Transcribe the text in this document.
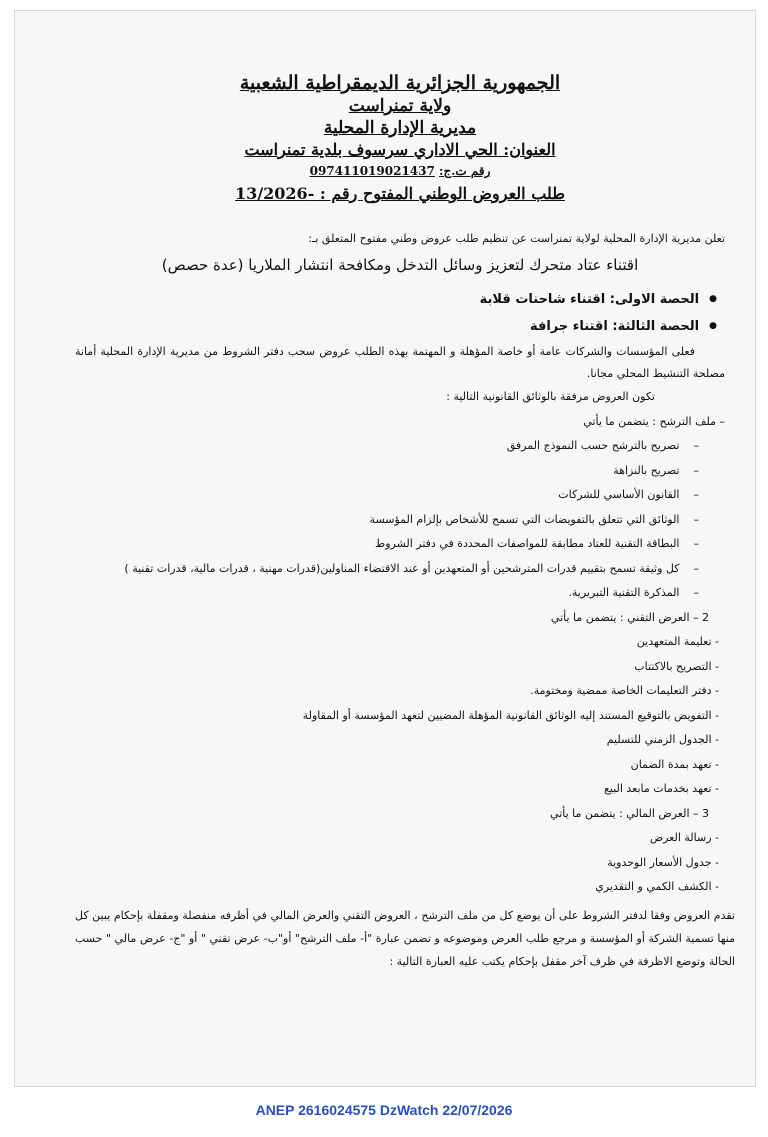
الجمهورية الجزائرية الديمقراطية الشعبية

ولاية تمنراست

مديرية الإدارة المحلية

العنوان: الحي الاداري سرسوف بلدية تمنراست

رقم ت.ج: 097411019021437

طلب العروض الوطني المفتوح رقم : -13/2026

تعلن مديرية الإدارة المحلية لولاية تمنراست عن تنظيم طلب عروض وطني مفتوح المتعلق بـ:
اقتناء عتاد متحرك لتعزيز وسائل التدخل ومكافحة انتشار الملاريا (عدة حصص)
● الحصة الاولى: اقتناء شاحنات قلابة
● الحصة الثالثة: اقتناء جرافة
فعلى المؤسسات والشركات عامة أو خاصة المؤهلة و المهتمة بهذه الطلب عروض سحب دفتر الشروط من مديرية الإدارة المحلية أمانة مصلحة التنشيط المحلي مجانا.
تكون العروض مرفقة بالوثائق القانونية التالية :
– ملف الترشح : يتضمن ما يأتي
– تصريح بالترشح حسب النموذج المرفق
– تصريح بالنزاهة
– القانون الأساسي للشركات
– الوثائق التي تتعلق بالتفويضات التي تسمح للأشخاص بإلزام المؤسسة
– البطاقة التقنية للعتاد مطابقة للمواصفات المحددة في دفتر الشروط
– كل وثيقة تسمح بتقييم قدرات المترشحين أو المتعهدين أو عند الاقتضاء المناولين(قدرات مهنية ، قدرات مالية، قدرات تقنية )
– المذكرة التقنية التبريرية.
2 – العرض التقني : يتضمن ما يأتي
- تعليمة المتعهدين
- التصريح بالاكتتاب
- دفتر التعليمات الخاصة ممضية ومختومة.
- التفويض بالتوقيع المستند إليه الوثائق القانونية المؤهلة المضيين لتعهد المؤسسة أو المقاولة
- الجدول الزمني للتسليم
- تعهد بمدة الضمان
- تعهد بخدمات مابعد البيع
3 – العرض المالي : يتضمن ما يأتي
- رسالة العرض
- جدول الأسعار الوحدوية
- الكشف الكمي و التقديري
تقدم العروض وفقا لدفتر الشروط على أن يوضع كل من ملف الترشح ، العروض التقني والعرض المالي في أظرفه منفصلة ومقفلة بإحكام يبين كل منها تسمية الشركة أو المؤسسة و مرجع طلب العرض وموضوعه و تضمن عبارة "أ- ملف الترشح" أو"ب- عرض تقني " أو "ج- عرض مالي " حسب الحالة وتوضع الاظرفة في ظرف آخر مقفل بإحكام يكتب عليه العبارة التالية :
ANEP 2616024575 DzWatch 22/07/2026
